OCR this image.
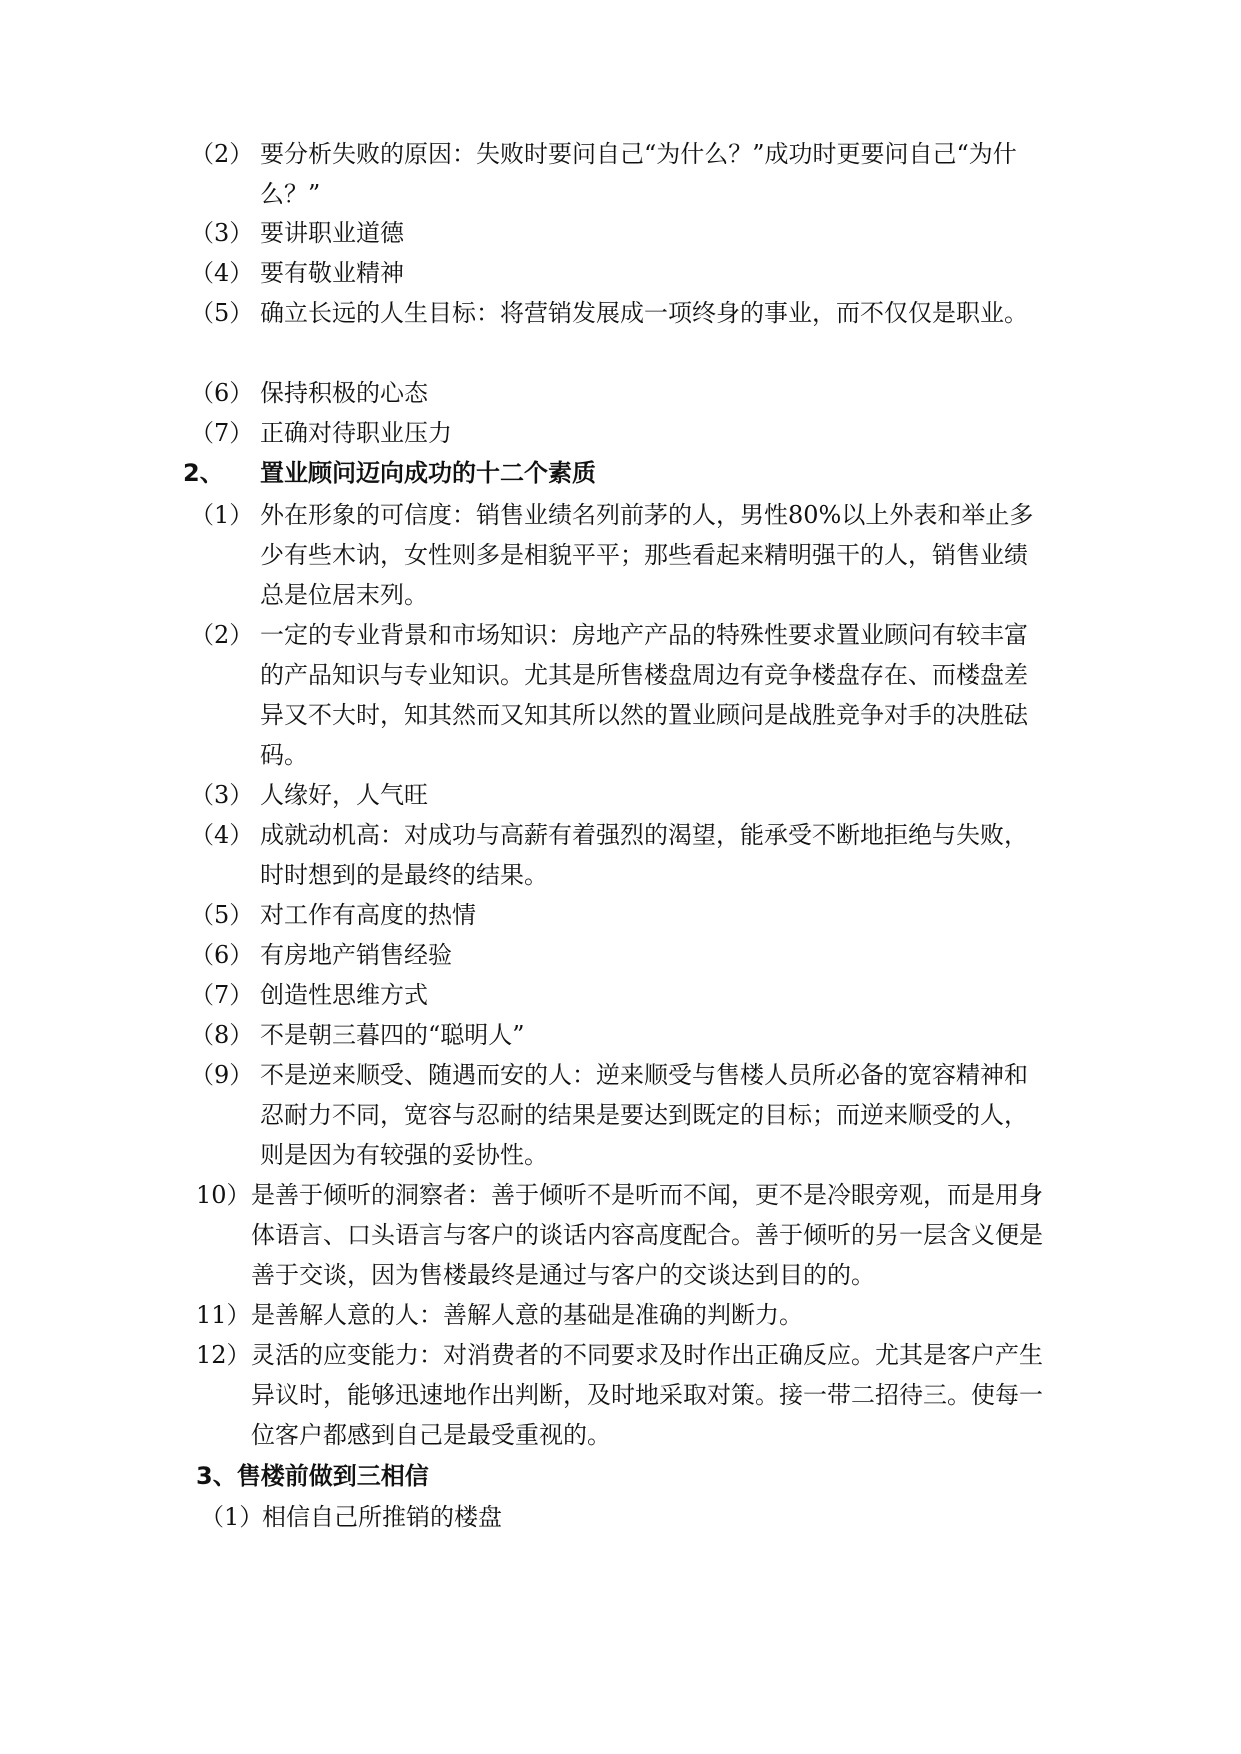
（2） 要分析失败的原因：失败时要问自己“为什么？”成功时更要问自己“为什么？”
（3） 要讲职业道德
（4） 要有敬业精神
（5） 确立长远的人生目标：将营销发展成一项终身的事业，而不仅仅是职业。
（6） 保持积极的心态
（7） 正确对待职业压力
2、 置业顾问迈向成功的十二个素质
（1） 外在形象的可信度：销售业绩名列前茅的人，男性80%以上外表和举止多少有些木讷，女性则多是相貌平平；那些看起来精明强干的人，销售业绩总是位居末列。
（2） 一定的专业背景和市场知识：房地产产品的特殊性要求置业顾问有较丰富的产品知识与专业知识。尤其是所售楼盘周边有竞争楼盘存在、而楼盘差异又不大时，知其然而又知其所以然的置业顾问是战胜竞争对手的决胜砝码。
（3） 人缘好，人气旺
（4） 成就动机高：对成功与高薪有着强烈的渴望，能承受不断地拒绝与失败，时时想到的是最终的结果。
（5） 对工作有高度的热情
（6） 有房地产销售经验
（7） 创造性思维方式
（8） 不是朝三暮四的“聪明人”
（9） 不是逆来顺受、随遇而安的人：逆来顺受与售楼人员所必备的宽容精神和忍耐力不同，宽容与忍耐的结果是要达到既定的目标；而逆来顺受的人，则是因为有较强的妥协性。
10） 是善于倾听的洞察者：善于倾听不是听而不闻，更不是冷眼旁观，而是用身体语言、口头语言与客户的谈话内容高度配合。善于倾听的另一层含义便是善于交谈，因为售楼最终是通过与客户的交谈达到目的的。
11） 是善解人意的人：善解人意的基础是准确的判断力。
12） 灵活的应变能力：对消费者的不同要求及时作出正确反应。尤其是客户产生异议时，能够迅速地作出判断，及时地采取对策。接一带二招待三。使每一位客户都感到自己是最受重视的。
3、售楼前做到三相信
（1）
相信自己所推销的楼盘
